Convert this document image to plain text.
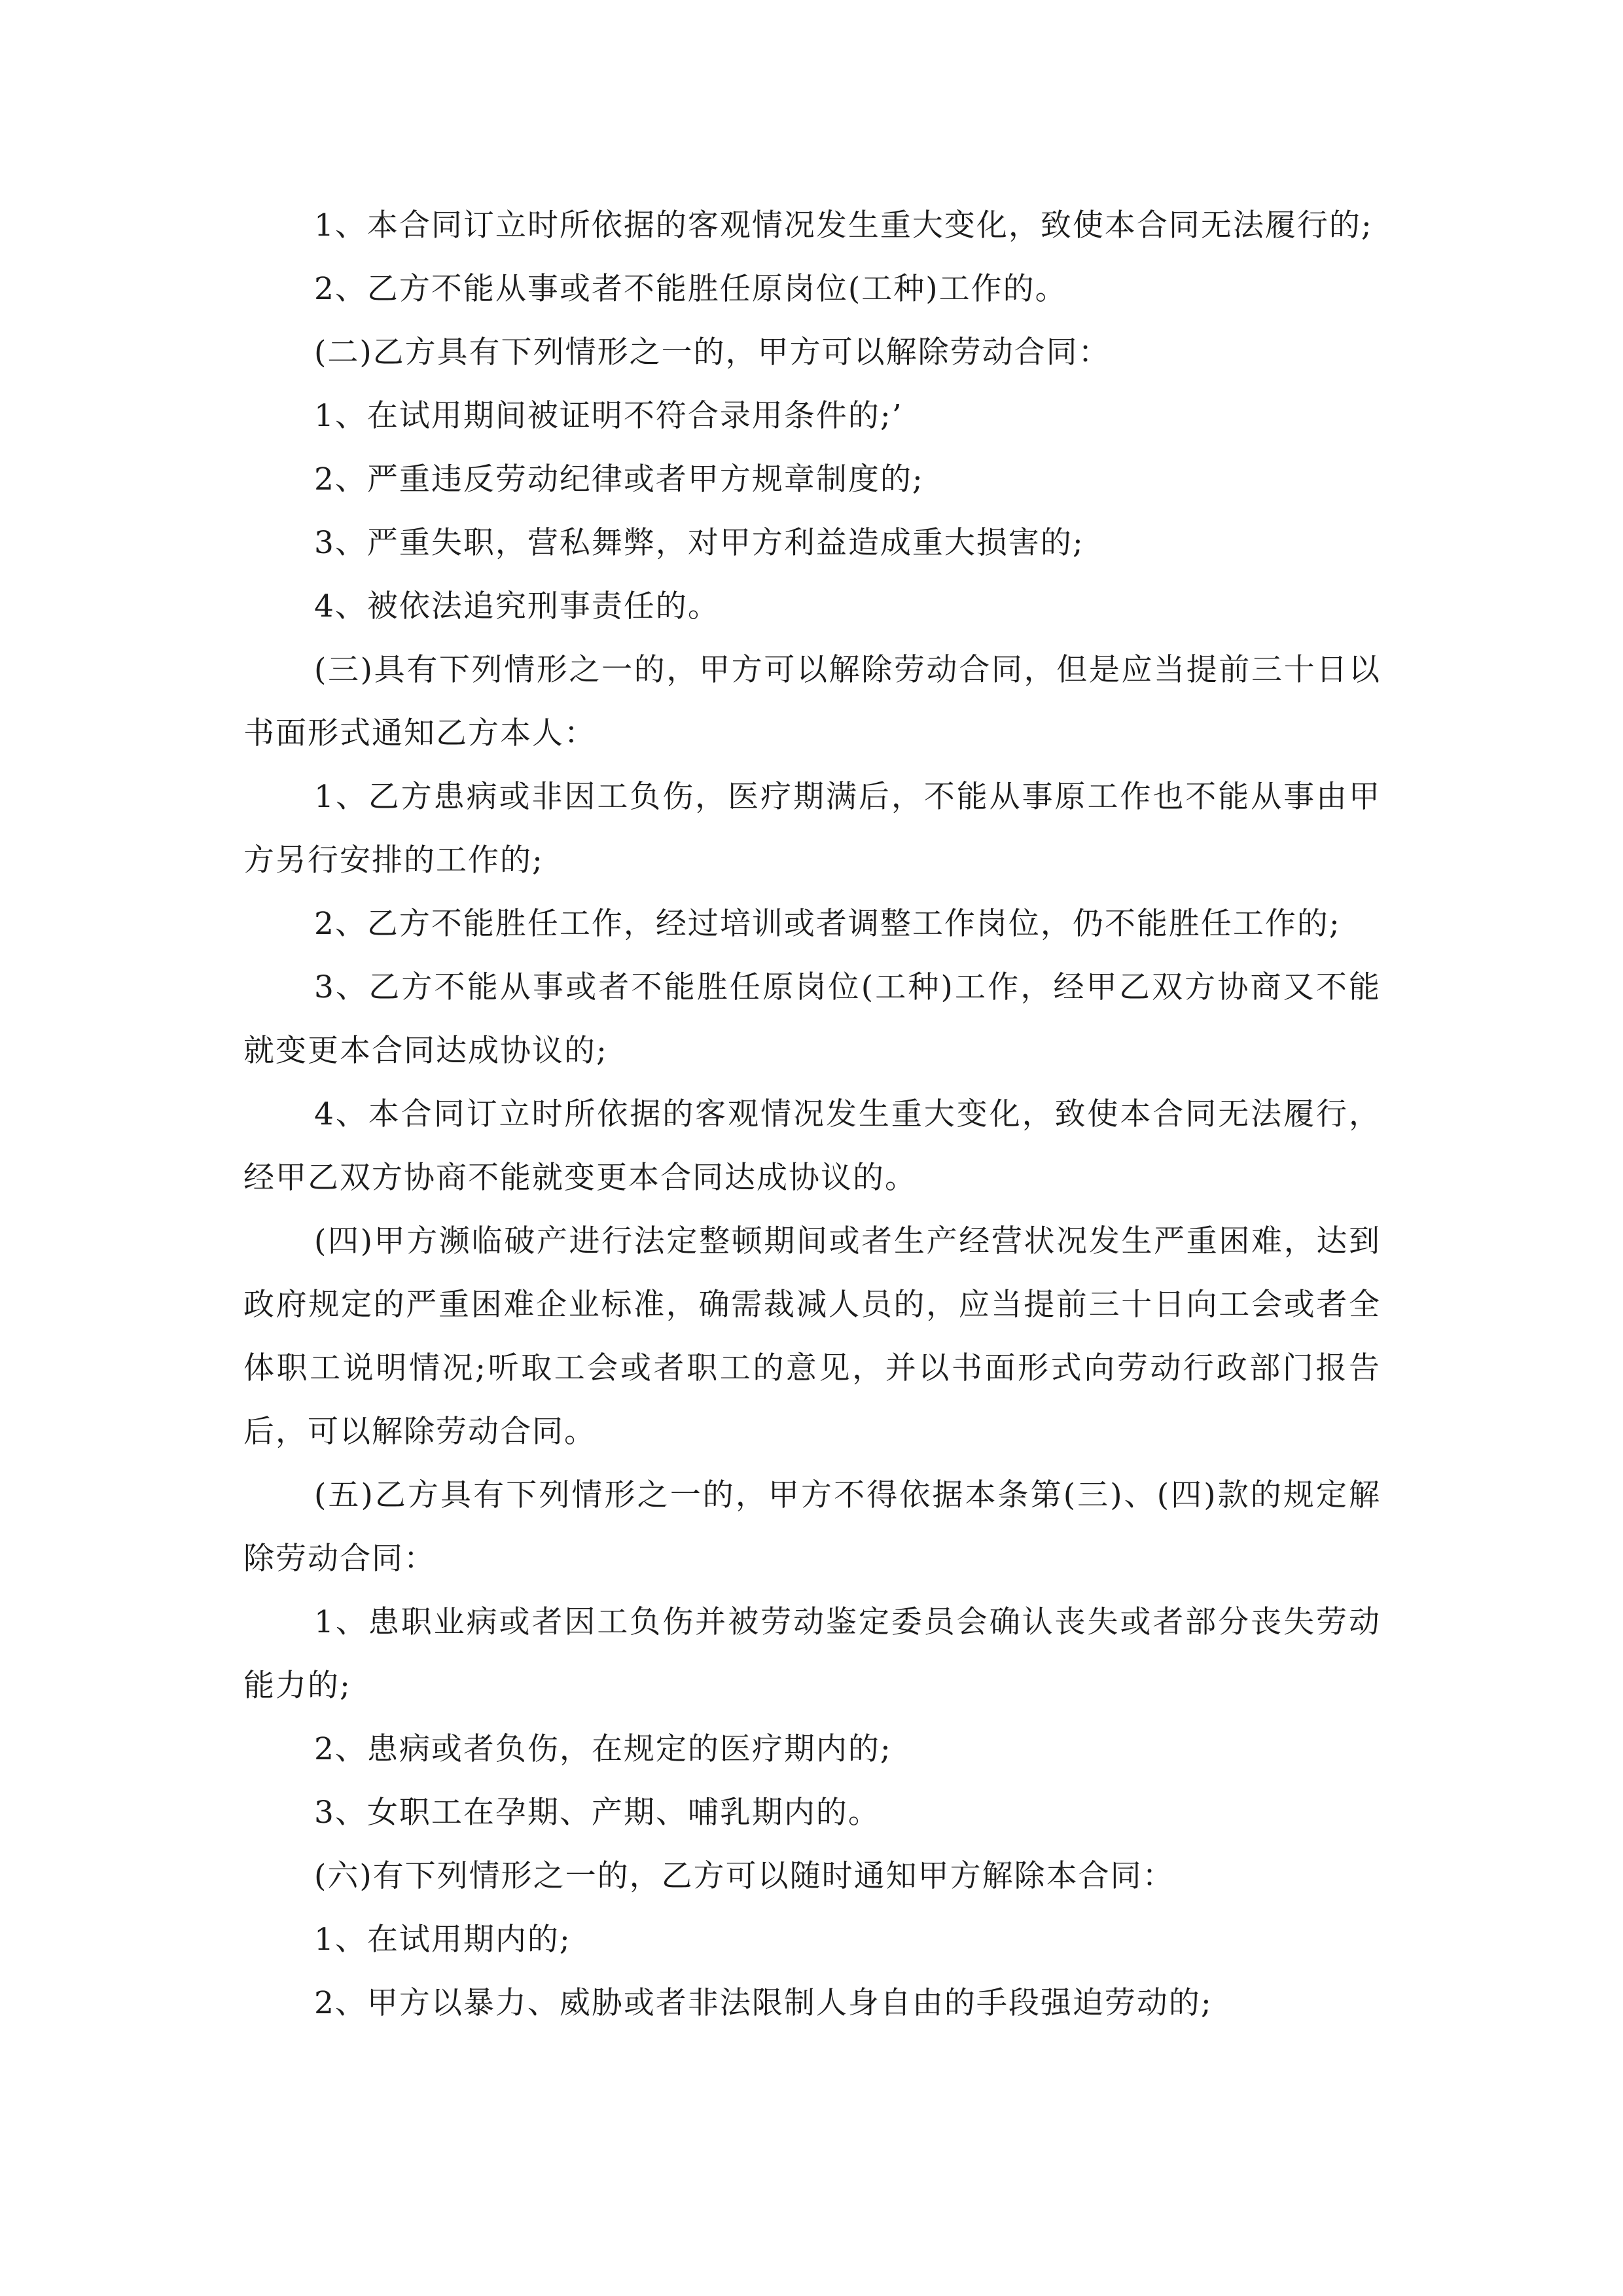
1、本合同订立时所依据的客观情况发生重大变化，致使本合同无法履行的;

2、乙方不能从事或者不能胜任原岗位(工种)工作的。

(二)乙方具有下列情形之一的，甲方可以解除劳动合同：

1、在试用期间被证明不符合录用条件的;’

2、严重违反劳动纪律或者甲方规章制度的;

3、严重失职，营私舞弊，对甲方利益造成重大损害的;

4、被依法追究刑事责任的。

(三)具有下列情形之一的，甲方可以解除劳动合同，但是应当提前三十日以书面形式通知乙方本人：

1、乙方患病或非因工负伤，医疗期满后，不能从事原工作也不能从事由甲方另行安排的工作的;

2、乙方不能胜任工作，经过培训或者调整工作岗位，仍不能胜任工作的;

3、乙方不能从事或者不能胜任原岗位(工种)工作，经甲乙双方协商又不能就变更本合同达成协议的;

4、本合同订立时所依据的客观情况发生重大变化，致使本合同无法履行，经甲乙双方协商不能就变更本合同达成协议的。

(四)甲方濒临破产进行法定整顿期间或者生产经营状况发生严重困难，达到政府规定的严重困难企业标准，确需裁减人员的，应当提前三十日向工会或者全体职工说明情况;听取工会或者职工的意见，并以书面形式向劳动行政部门报告后，可以解除劳动合同。

(五)乙方具有下列情形之一的，甲方不得依据本条第(三)、(四)款的规定解除劳动合同：

1、患职业病或者因工负伤并被劳动鉴定委员会确认丧失或者部分丧失劳动能力的;

2、患病或者负伤，在规定的医疗期内的;

3、女职工在孕期、产期、哺乳期内的。

(六)有下列情形之一的，乙方可以随时通知甲方解除本合同：

1、在试用期内的;

2、甲方以暴力、威胁或者非法限制人身自由的手段强迫劳动的;
